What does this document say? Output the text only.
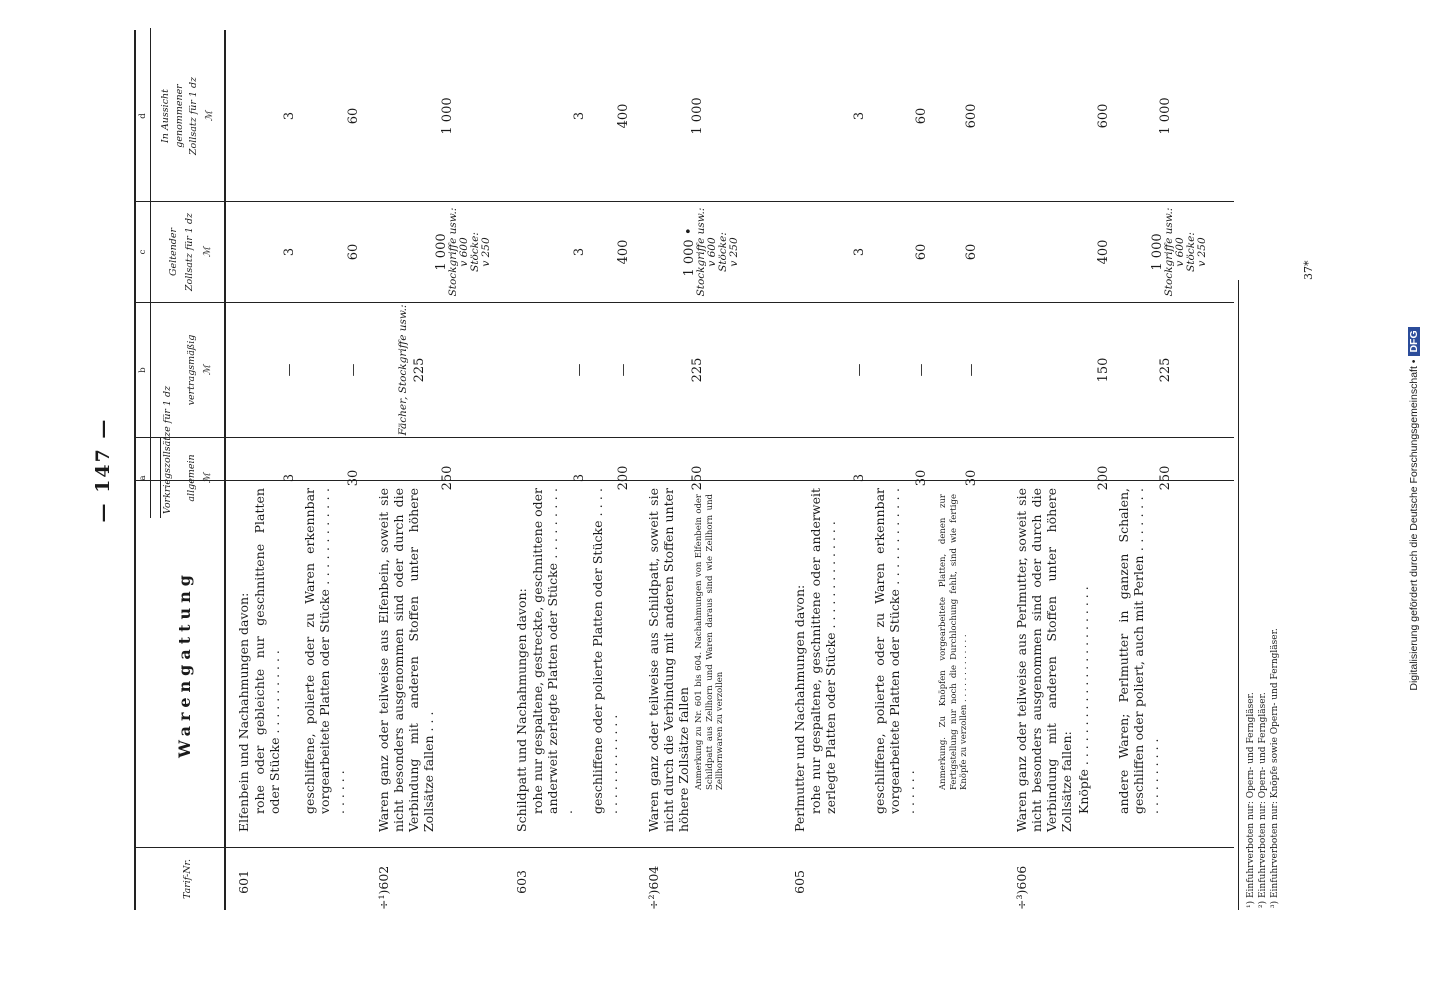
— 147 —	Digitalisierung gefördert durch die Deutsche Forschungsgemeinschaft •DFG
37*
Tarif-Nr.
Warengattung
a
b
c
d
Vorkriegszollsätze für 1 dz allgemein ℳ
vertragsmäßig ℳ
Geltender Zollsatz für 1 dz ℳ
In Aussicht genommener Zollsatz für 1 dz ℳ
601
Elfenbein und Nachahmungen davon: rohe oder gebleichte nur geschnittene Platten oder Stücke . . . . . . . . . . .
3
—
3
3
geschliffene, polierte oder zu Waren erkennbar vorgearbeitete Platten oder Stücke . . . . . . . . . . . . . . . . . .
30
—
60
60
÷¹)602
Waren ganz oder teilweise aus Elfenbein, soweit sie nicht besonders ausgenommen sind oder durch die Verbindung mit anderen Stoffen unter höhere Zollsätze fallen . . .
Fächer, Stockgriffe usw.: 225
250
1 000
Stockgriffe usw.: v 600 Stöcke: v 250
1 000
603
Schildpatt und Nachahmungen davon: rohe nur gespaltene, gestreckte, geschnittene oder anderweit zerlegte Platten oder Stücke . . . . . . . . . .
3
—
3
3
geschliffene oder polierte Platten oder Stücke . . . . . . . . . . . . . . . . .
200
—
400
400
÷²)604
Waren ganz oder teilweise aus Schildpatt, soweit sie nicht durch die Verbindung mit anderen Stoffen unter höhere Zollsätze fallen Anmerkung zu Nr. 601 bis 604. Nachahmungen von Elfenbein oder Schildpatt aus Zellhorn und Waren daraus sind wie Zellhorn und Zellhornwaren zu verzollen
250
225
1 000 •
Stockgriffe usw.: v 600 Stöcke: v 250
1 000
605
Perlmutter und Nachahmungen davon: rohe nur gespaltene, geschnittene oder anderweit zerlegte Platten oder Stücke . . . . . . . . . . . . . .
3
—
3
3
geschliffene, polierte oder zu Waren erkennbar vorgearbeitete Platten oder Stücke . . . . . . . . . . . . . . . . . .
30
—
60
60
Anmerkung. Zu Knöpfen vorgearbeitete Platten, denen zur Fertigstellung nur noch die Durchlochung fehlt, sind wie fertige Knöpfe zu verzollen . . . . . . . . . . . . .
30
—
60
600
÷³)606
Waren ganz oder teilweise aus Perlmutter, soweit sie nicht besonders ausgenommen sind oder durch die Verbindung mit anderen Stoffen unter höhere Zollsätze fallen: Knöpfe . . . . . . . . . . . . . . . . . . . . . . .
200
150
400
600
andere Waren; Perlmutter in ganzen Schalen, geschliffen oder poliert, auch mit Perlen . . . . . . . . . . . . . . . . . .
250
225
1 000
Stockgriffe usw.: v 600 Stöcke: v 250
1 000
¹) Einfuhrverboten nur: Opern- und Ferngläser. ²) Einfuhrverboten nur: Opern- und Ferngläser. ³) Einfuhrverboten nur: Knöpfe sowie Opern- und Ferngläser.
